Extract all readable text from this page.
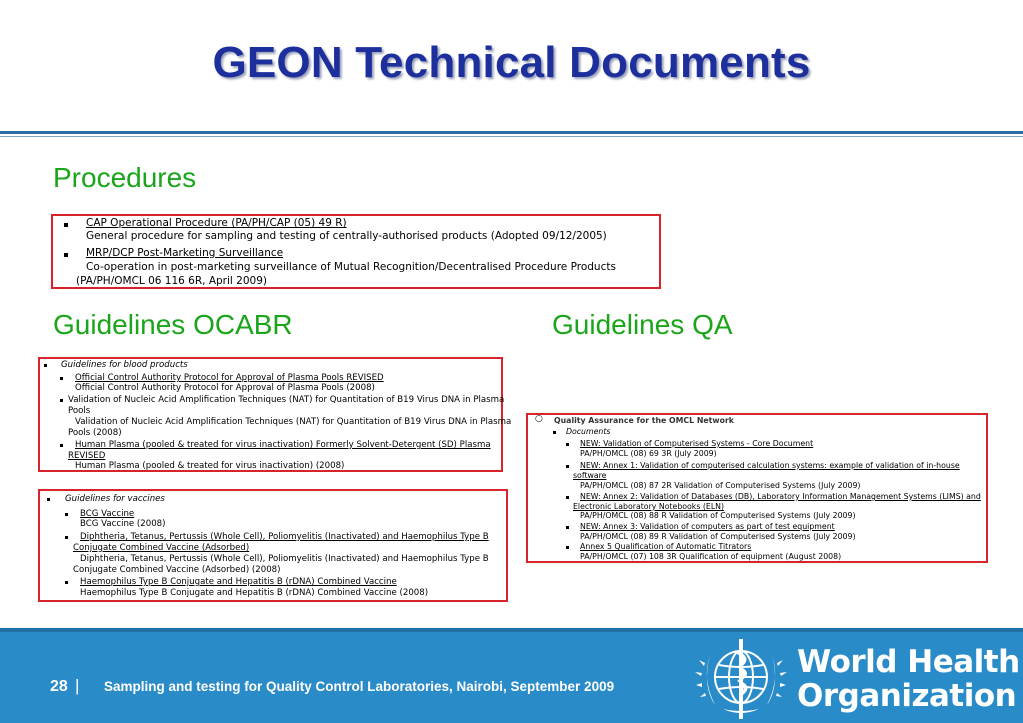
GEON Technical Documents
Procedures
Guidelines OCABR	Guidelines QA
CAP Operational Procedure (PA/PH/CAP (05) 49 R)
General procedure for sampling and testing of centrally-authorised products (Adopted 09/12/2005)
MRP/DCP Post-Marketing Surveillance
Co-operation in post-marketing surveillance of Mutual Recognition/Decentralised Procedure Products
(PA/PH/OMCL 06 116 6R, April 2009)
Guidelines for blood products
Official Control Authority Protocol for Approval of Plasma Pools REVISED
Official Control Authority Protocol for Approval of Plasma Pools (2008)
Validation of Nucleic Acid Amplification Techniques (NAT) for Quantitation of B19 Virus DNA in Plasma
Pools
Validation of Nucleic Acid Amplification Techniques (NAT) for Quantitation of B19 Virus DNA in Plasma
Pools (2008)
Human Plasma (pooled & treated for virus inactivation) Formerly Solvent-Detergent (SD) Plasma
REVISED
Human Plasma (pooled & treated for virus inactivation) (2008)
Guidelines for vaccines
BCG Vaccine
BCG Vaccine (2008)
Diphtheria, Tetanus, Pertussis (Whole Cell), Poliomyelitis (Inactivated) and Haemophilus Type B
Conjugate Combined Vaccine (Adsorbed)
Diphtheria, Tetanus, Pertussis (Whole Cell), Poliomyelitis (Inactivated) and Haemophilus Type B
Conjugate Combined Vaccine (Adsorbed) (2008)
Haemophilus Type B Conjugate and Hepatitis B (rDNA) Combined Vaccine
Haemophilus Type B Conjugate and Hepatitis B (rDNA) Combined Vaccine (2008)
○ Quality Assurance for the OMCL Network
Documents
NEW: Validation of Computerised Systems - Core Document
PA/PH/OMCL (08) 69 3R (July 2009)
NEW: Annex 1: Validation of computerised calculation systems: example of validation of in-house
software
PA/PH/OMCL (08) 87 2R Validation of Computerised Systems (July 2009)
NEW: Annex 2: Validation of Databases (DB), Laboratory Information Management Systems (LIMS) and
Electronic Laboratory Notebooks (ELN)
PA/PH/OMCL (08) 88 R Validation of Computerised Systems (July 2009)
NEW: Annex 3: Validation of computers as part of test equipment
PA/PH/OMCL (08) 89 R Validation of Computerised Systems (July 2009)
Annex 5 Qualification of Automatic Titrators
PA/PH/OMCL (07) 108 3R Qualification of equipment (August 2008)
28 | Sampling and testing for Quality Control Laboratories, Nairobi, September 2009
World Health
Organization
